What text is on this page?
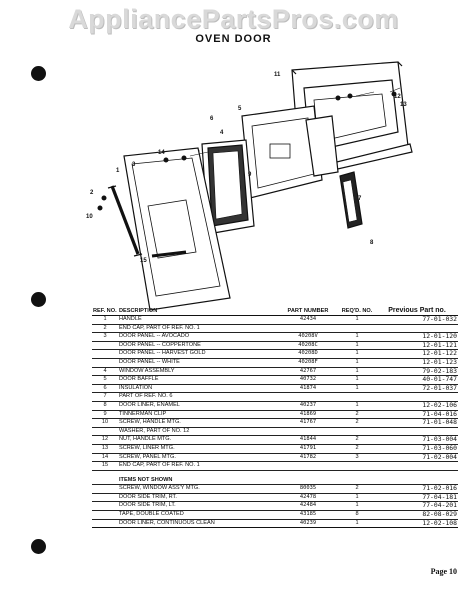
AppliancePartsPros.com
OVEN DOOR
12
13
6
5
4
14
3
1
2
10
15
9
7
8
11
REF. NO.	DESCRIPTION	PART NUMBER	REQ'D. NO.	Previous Part no.
1	HANDLE	42434	1	77-01-032
2	END CAP, PART OF REF. NO. 1			
3	DOOR PANEL -- AVOCADO	40208V	1	12-01-120
	DOOR PANEL -- COPPERTONE	40208C	1	12-01-121
	DOOR PANEL -- HARVEST GOLD	40208D	1	12-01-122
	DOOR PANEL -- WHITE	40208F	1	12-01-123
4	WINDOW ASSEMBLY	42767	1	79-02-183
5	DOOR BAFFLE	40732	1	40-01-747
6	INSULATION	41874	1	72-01-037
7	PART OF REF. NO. 6			
8	DOOR LINER, ENAMEL	40237	1	12-02-106
9	TINNERMAN CLIP	41869	2	71-04-016
10	SCREW, HANDLE MTG.	41767	2	71-01-048
	WASHER, PART OF NO. 12			
12	NUT, HANDLE MTG.	41844	2	71-03-004
13	SCREW, LINER MTG.	41791	2	71-03-060
14	SCREW, PANEL MTG.	41782	3	71-02-004
15	END CAP, PART OF REF. NO. 1			

	ITEMS NOT SHOWN			
	SCREW, WINDOW ASS'Y MTG.	80035	2	71-02-016
	DOOR SIDE TRIM, RT.	42478	1	77-04-181
	DOOR SIDE TRIM, LT.	42484	1	77-04-201
	TAPE, DOUBLE COATED	43185	8	82-08-029
	DOOR LINER, CONTINUOUS CLEAN	40239	1	12-02-108
Page 10
